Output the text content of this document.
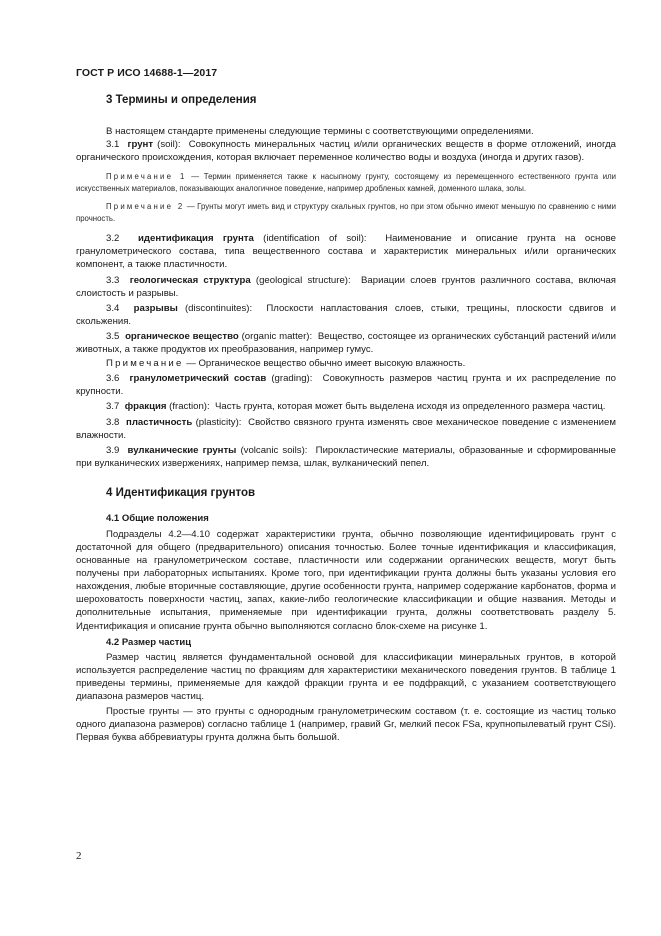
ГОСТ Р ИСО 14688-1—2017
3 Термины и определения

В настоящем стандарте применены следующие термины с соответствующими определениями.

3.1 грунт (soil): Совокупность минеральных частиц и/или органических веществ в форме отложений, иногда органического происхождения, которая включает переменное количество воды и воздуха (иногда и других газов).

Примечание 1 — Термин применяется также к насыпному грунту, состоящему из перемещенного естественного грунта или искусственных материалов, показывающих аналогичное поведение, например дробленых камней, доменного шлака, золы.

Примечание 2 — Грунты могут иметь вид и структуру скальных грунтов, но при этом обычно имеют меньшую по сравнению с ними прочность.

3.2 идентификация грунта (identification of soil): Наименование и описание грунта на основе гранулометрического состава, типа вещественного состава и характеристик минеральных и/или органических компонент, а также пластичности.

3.3 геологическая структура (geological structure): Вариации слоев грунтов различного состава, включая слоистость и разрывы.

3.4 разрывы (discontinuites): Плоскости напластования слоев, стыки, трещины, плоскости сдвигов и скольжения.

3.5 органическое вещество (organic matter): Вещество, состоящее из органических субстанций растений и/или животных, а также продуктов их преобразования, например гумус.

Примечание — Органическое вещество обычно имеет высокую влажность.

3.6 гранулометрический состав (grading): Совокупность размеров частиц грунта и их распределение по крупности.

3.7 фракция (fraction): Часть грунта, которая может быть выделена исходя из определенного размера частиц.

3.8 пластичность (plasticity): Свойство связного грунта изменять свое механическое поведение с изменением влажности.

3.9 вулканические грунты (volcanic soils): Пирокластические материалы, образованные и сформированные при вулканических извержениях, например пемза, шлак, вулканический пепел.

4 Идентификация грунтов
4.1 Общие положения

Подразделы 4.2—4.10 содержат характеристики грунта, обычно позволяющие идентифицировать грунт с достаточной для общего (предварительного) описания точностью. Более точные идентификация и классификация, основанные на гранулометрическом составе, пластичности или содержании органических веществ, могут быть получены при лабораторных испытаниях. Кроме того, при идентификации грунта должны быть указаны условия его нахождения, любые вторичные составляющие, другие особенности грунта, например содержание карбонатов, форма и шероховатость поверхности частиц, запах, какие-либо геологические классификации и общие названия. Методы и дополнительные испытания, применяемые при идентификации грунта, должны соответствовать разделу 5. Идентификация и описание грунта обычно выполняются согласно блок-схеме на рисунке 1.

4.2 Размер частиц

Размер частиц является фундаментальной основой для классификации минеральных грунтов, в которой используется распределение частиц по фракциям для характеристики механического поведения грунтов. В таблице 1 приведены термины, применяемые для каждой фракции грунта и ее подфракций, с указанием соответствующего диапазона размеров частиц.

Простые грунты — это грунты с однородным гранулометрическим составом (т. е. состоящие из частиц только одного диапазона размеров) согласно таблице 1 (например, гравий Gr, мелкий песок FSa, крупнопылеватый грунт CSi). Первая буква аббревиатуры грунта должна быть большой.

2
